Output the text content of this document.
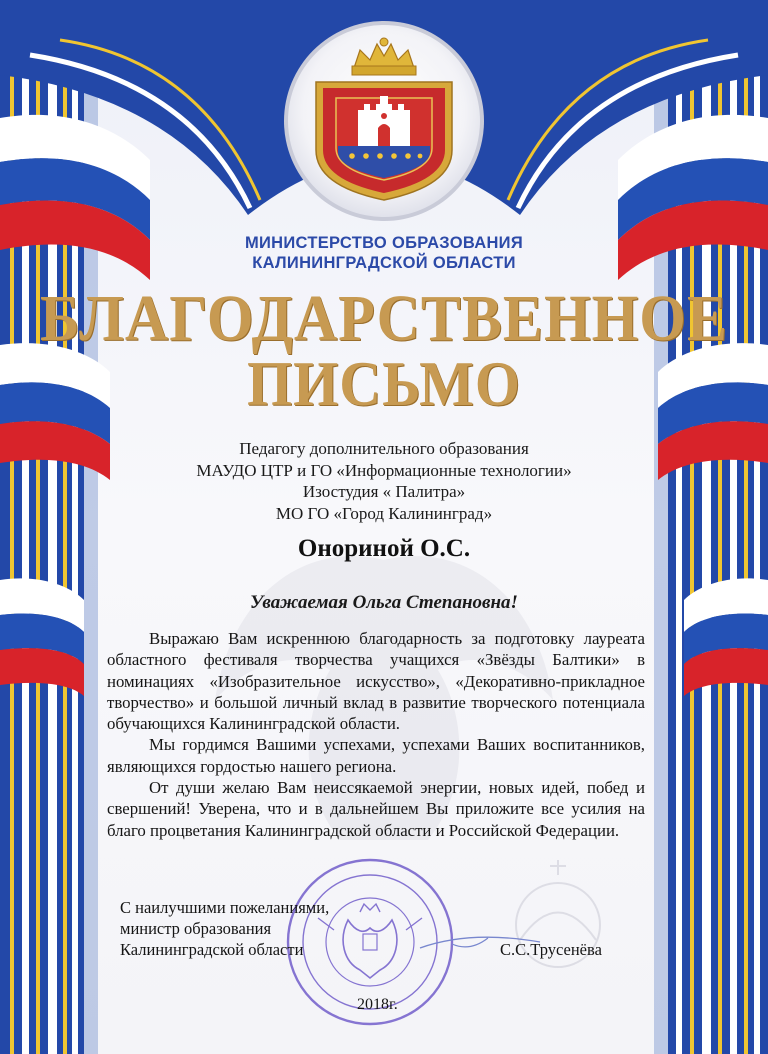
МИНИСТЕРСТВО ОБРАЗОВАНИЯ
КАЛИНИНГРАДСКОЙ ОБЛАСТИ
БЛАГОДАРСТВЕННОЕ
ПИСЬМО
Педагогу дополнительного образования
МАУДО ЦТР и ГО «Информационные технологии»
Изостудия « Палитра»
МО ГО «Город Калининград»
Онориной О.С.
Уважаемая Ольга Степановна!

Выражаю Вам искреннюю благодарность за подготовку лауреата областного фестиваля творчества учащихся «Звёзды Балтики» в номинациях «Изобразительное искусство», «Декоративно-прикладное творчество» и большой личный вклад в развитие творческого потенциала обучающихся Калининградской области.

Мы гордимся Вашими успехами, успехами Ваших воспитанников, являющихся гордостью нашего региона.

От души желаю Вам неиссякаемой энергии, новых идей, побед и свершений! Уверена, что и в дальнейшем Вы приложите все усилия на благо процветания Калининградской области и Российской Федерации.

С наилучшими пожеланиями,
министр образования
Калининградской области	С.С.Трусенёва
2018г.
